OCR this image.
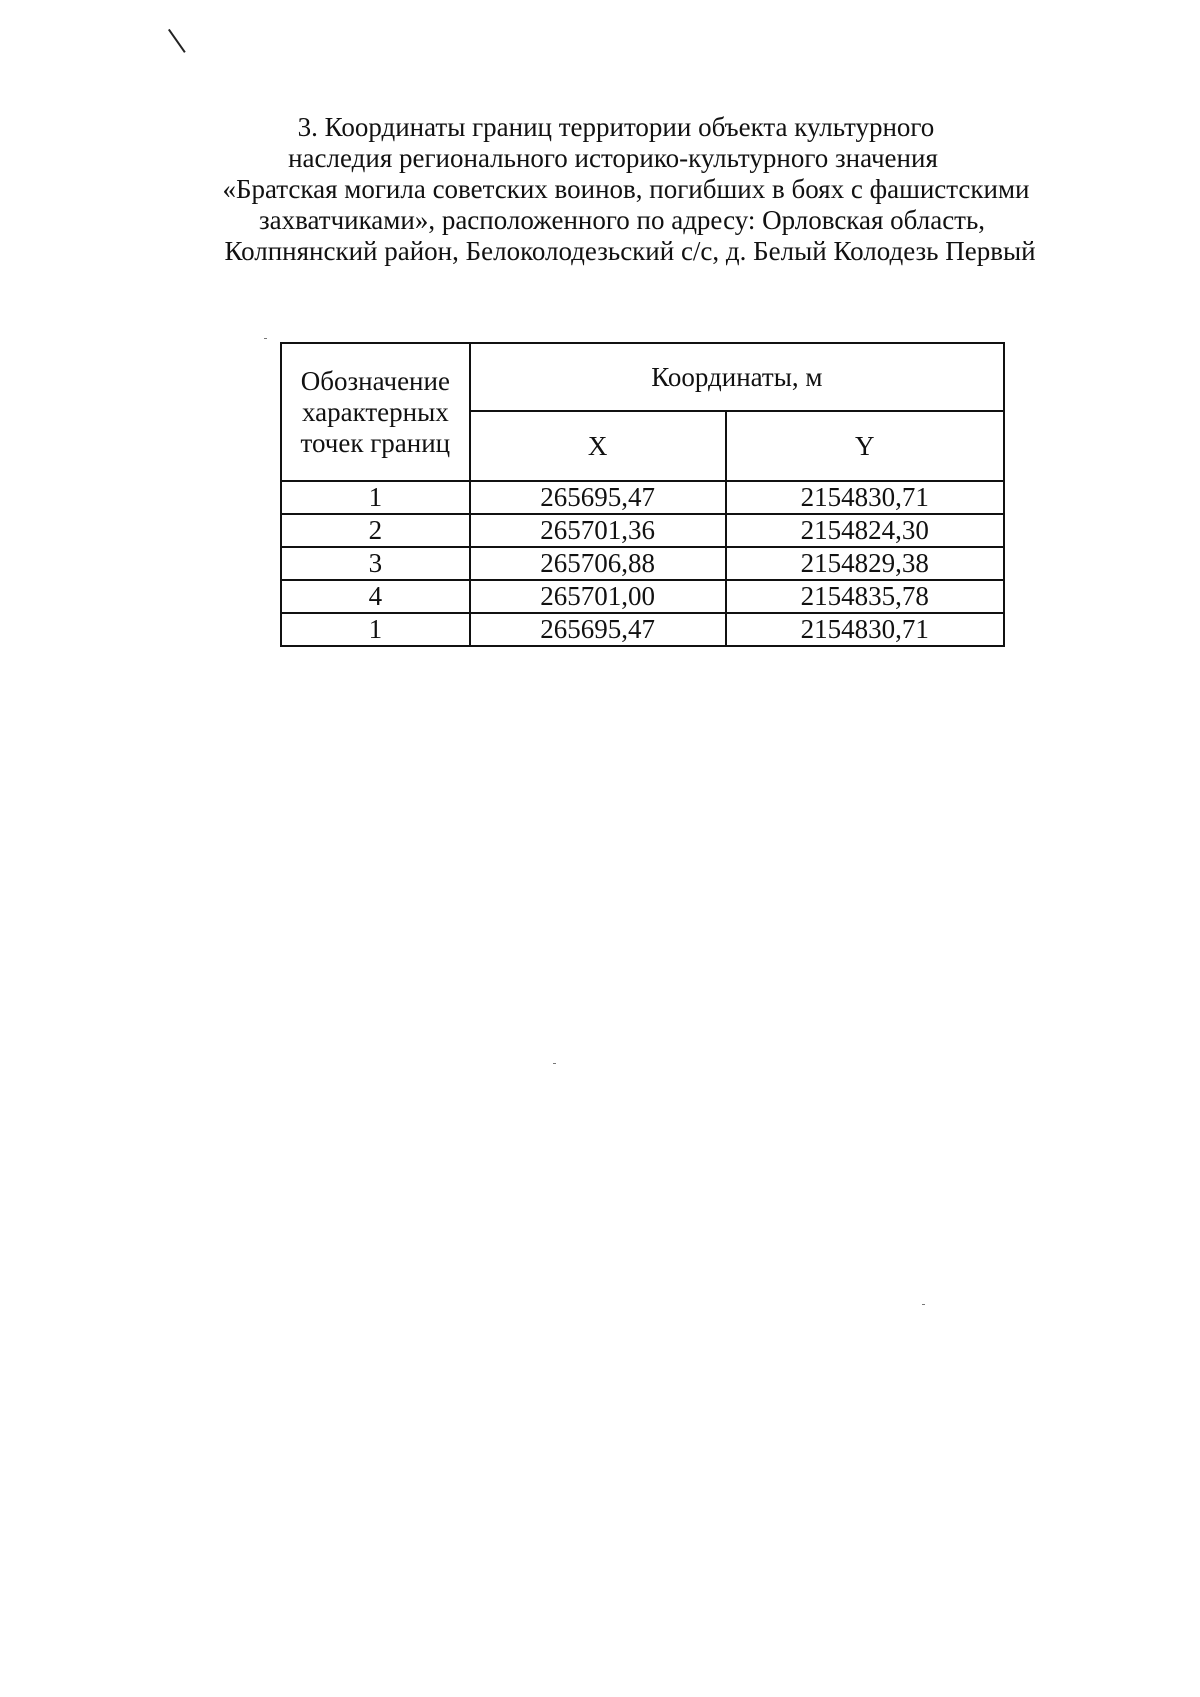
3. Координаты границ территории объекта культурного
наследия регионального историко-культурного значения
«Братская могила советских воинов, погибших в боях с фашистскими
захватчиками», расположенного по адресу: Орловская область,
Колпнянский район, Белоколодезьский с/с, д. Белый Колодезь Первый
Обозначение характерных точек границ	Координаты, м	
	X	Y
1	265695,47	2154830,71
2	265701,36	2154824,30
3	265706,88	2154829,38
4	265701,00	2154835,78
1	265695,47	2154830,71
